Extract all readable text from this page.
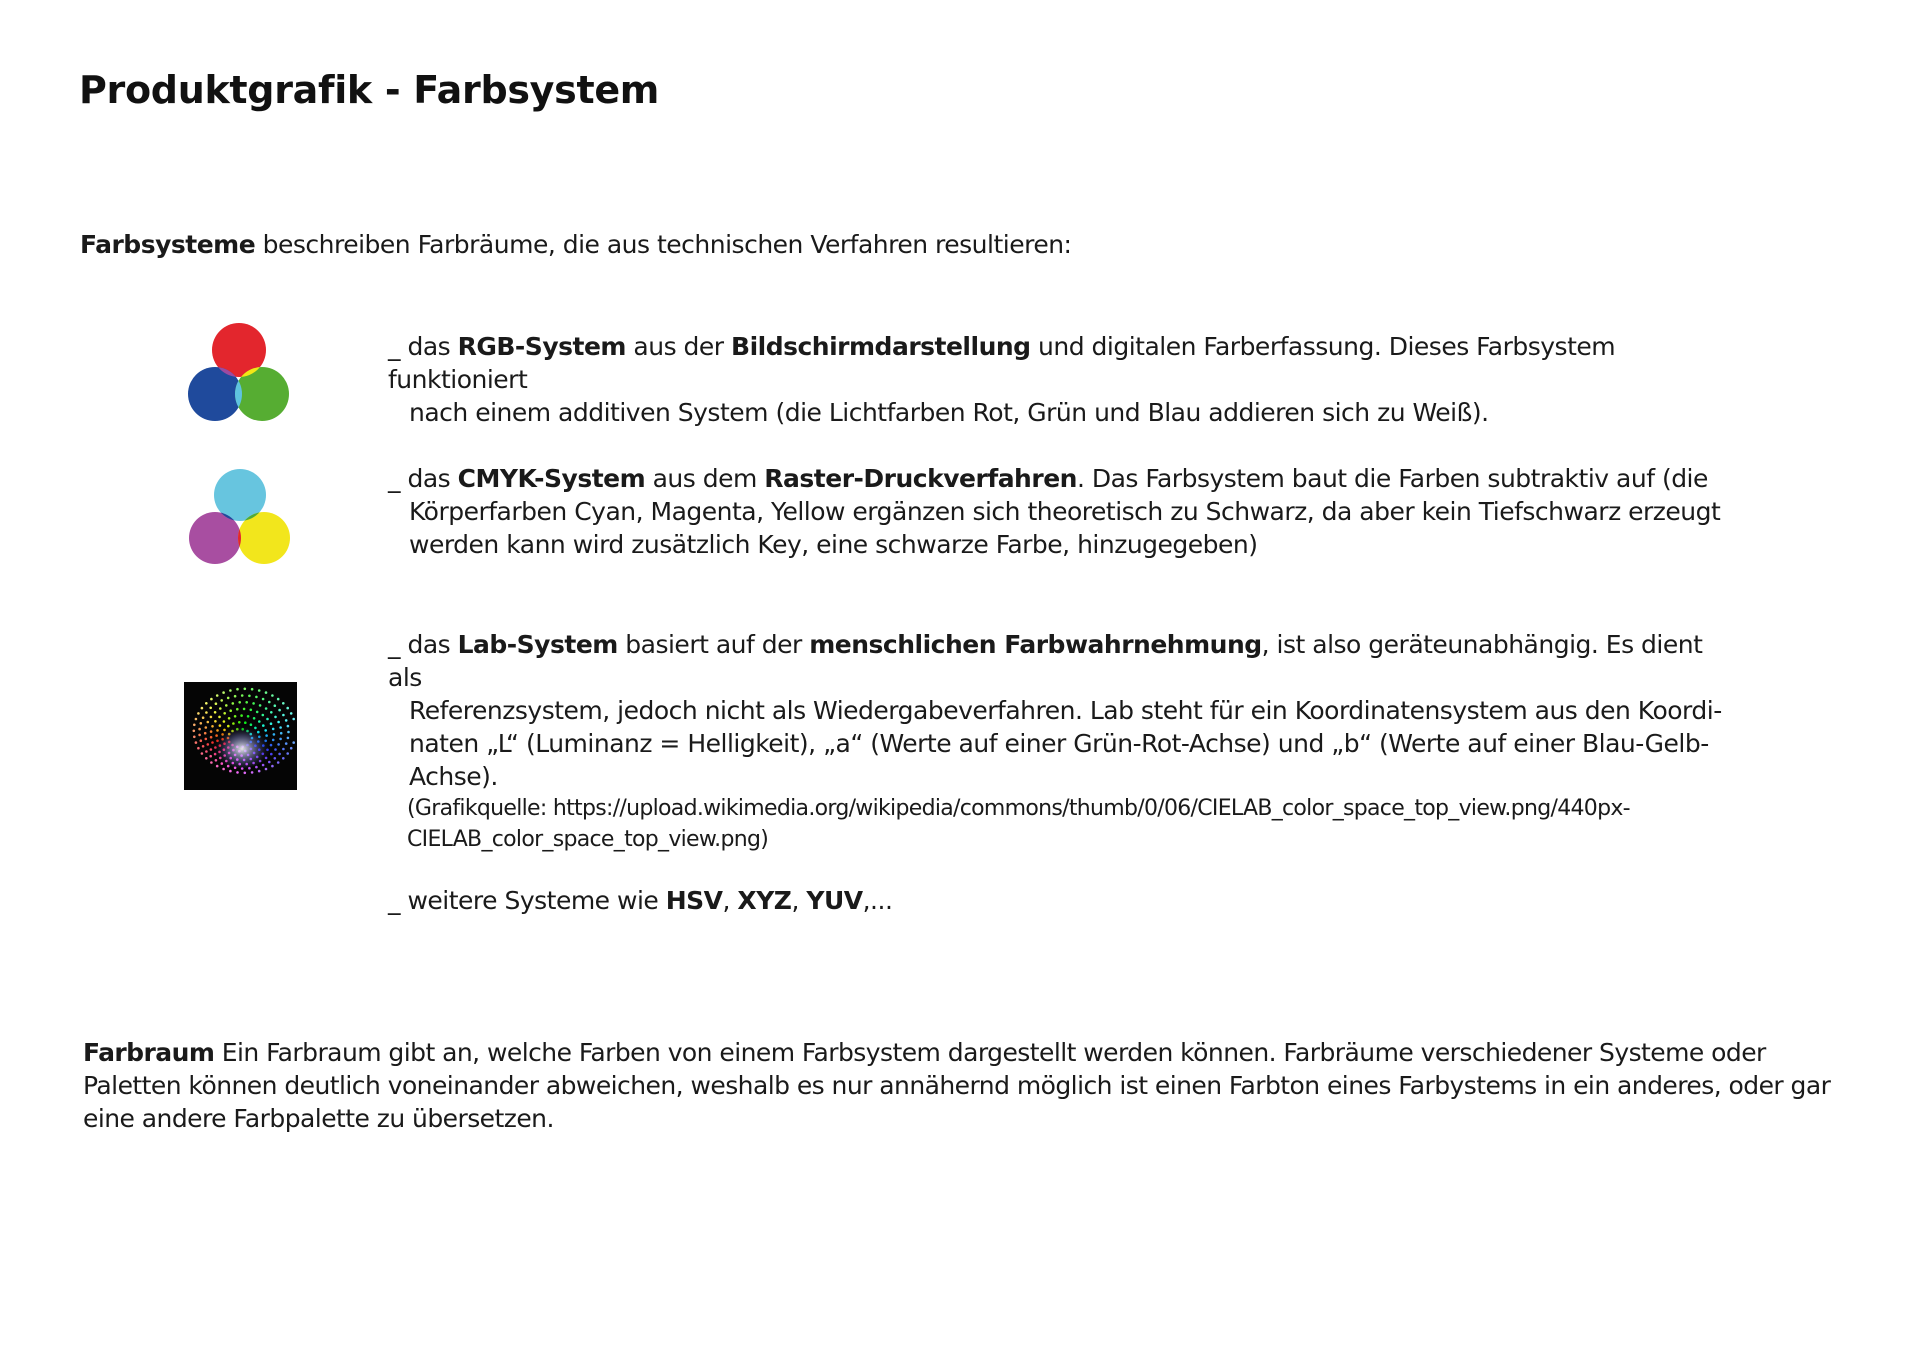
Produktgrafik - Farbsystem
Farbsysteme beschreiben Farbräume, die aus technischen Verfahren resultieren:

_ das RGB-System aus der Bildschirmdarstellung und digitalen Farberfassung. Dieses Farbsystem funktioniert

nach einem additiven System (die Lichtfarben Rot, Grün und Blau addieren sich zu Weiß).

_ das CMYK-System aus dem Raster-Druckverfahren. Das Farbsystem baut die Farben subtraktiv auf (die

Körperfarben Cyan, Magenta, Yellow ergänzen sich theoretisch zu Schwarz, da aber kein Tiefschwarz erzeugt

werden kann wird zusätzlich Key, eine schwarze Farbe, hinzugegeben)

_ das Lab-System basiert auf der menschlichen Farbwahrnehmung, ist also geräteunabhängig. Es dient als

Referenzsystem, jedoch nicht als Wiedergabeverfahren. Lab steht für ein Koordinatensystem aus den Koordi-

naten „L“ (Luminanz = Helligkeit), „a“ (Werte auf einer Grün-Rot-Achse) und „b“ (Werte auf einer Blau-Gelb-

Achse).

(Grafikquelle: https://upload.wikimedia.org/wikipedia/commons/thumb/0/06/CIELAB_color_space_top_view.png/440px-

CIELAB_color_space_top_view.png)

_ weitere Systeme wie HSV, XYZ, YUV,...

Farbraum Ein Farbraum gibt an, welche Farben von einem Farbsystem dargestellt werden können. Farbräume verschiedener Systeme oder Paletten können deutlich voneinander abweichen, weshalb es nur annähernd möglich ist einen Farbton eines Farbystems in ein anderes, oder gar eine andere Farbpalette zu übersetzen.
